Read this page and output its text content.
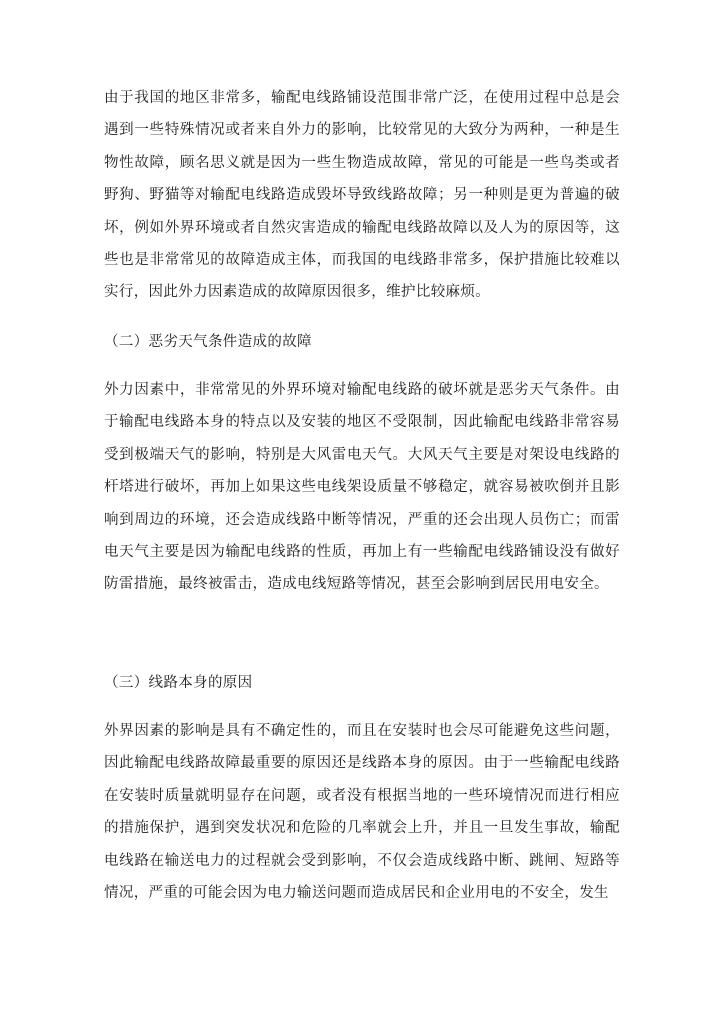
由于我国的地区非常多，输配电线路铺设范围非常广泛，在使用过程中总是会遇到一些特殊情况或者来自外力的影响，比较常见的大致分为两种，一种是生物性故障，顾名思义就是因为一些生物造成故障，常见的可能是一些鸟类或者野狗、野猫等对输配电线路造成毁坏导致线路故障；另一种则是更为普遍的破坏，例如外界环境或者自然灾害造成的输配电线路故障以及人为的原因等，这些也是非常常见的故障造成主体，而我国的电线路非常多，保护措施比较难以实行，因此外力因素造成的故障原因很多，维护比较麻烦。

（二）恶劣天气条件造成的故障

外力因素中，非常常见的外界环境对输配电线路的破坏就是恶劣天气条件。由于输配电线路本身的特点以及安装的地区不受限制，因此输配电线路非常容易受到极端天气的影响，特别是大风雷电天气。大风天气主要是对架设电线路的杆塔进行破坏，再加上如果这些电线架设质量不够稳定，就容易被吹倒并且影响到周边的环境，还会造成线路中断等情况，严重的还会出现人员伤亡；而雷电天气主要是因为输配电线路的性质，再加上有一些输配电线路铺设没有做好防雷措施，最终被雷击，造成电线短路等情况，甚至会影响到居民用电安全。

（三）线路本身的原因

外界因素的影响是具有不确定性的，而且在安装时也会尽可能避免这些问题，因此输配电线路故障最重要的原因还是线路本身的原因。由于一些输配电线路在安装时质量就明显存在问题，或者没有根据当地的一些环境情况而进行相应的措施保护，遇到突发状况和危险的几率就会上升，并且一旦发生事故，输配电线路在输送电力的过程就会受到影响，不仅会造成线路中断、跳闸、短路等情况，严重的可能会因为电力输送问题而造成居民和企业用电的不安全，发生
